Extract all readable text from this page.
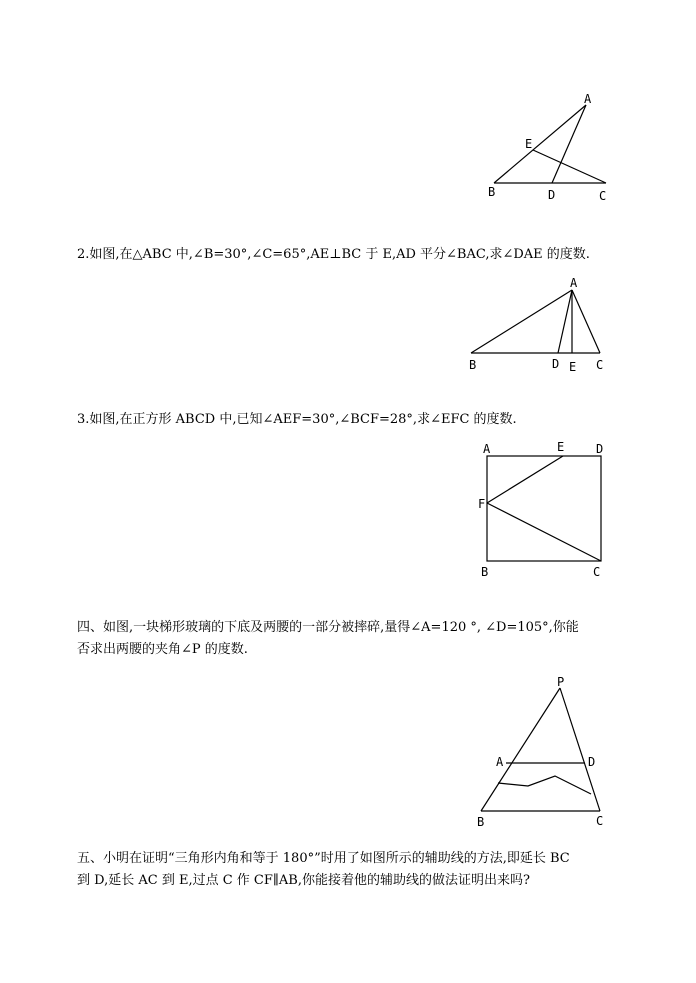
A
E
B	D	C
2.如图,在△ABC 中,∠B=30°,∠C=65°,AE⊥BC 于 E,AD 平分∠BAC,求∠DAE 的度数.
A
B	D E C
3.如图,在正方形 ABCD 中,已知∠AEF=30°,∠BCF=28°,求∠EFC 的度数.
A	E	D
F
B	C
四、如图,一块梯形玻璃的下底及两腰的一部分被摔碎,量得∠A=120 °, ∠D=105°,你能
否求出两腰的夹角∠P 的度数.
P
A	D
B	C
五、小明在证明“三角形内角和等于 180°”时用了如图所示的辅助线的方法,即延长 BC
到 D,延长 AC 到 E,过点 C 作 CF∥AB,你能接着他的辅助线的做法证明出来吗?
